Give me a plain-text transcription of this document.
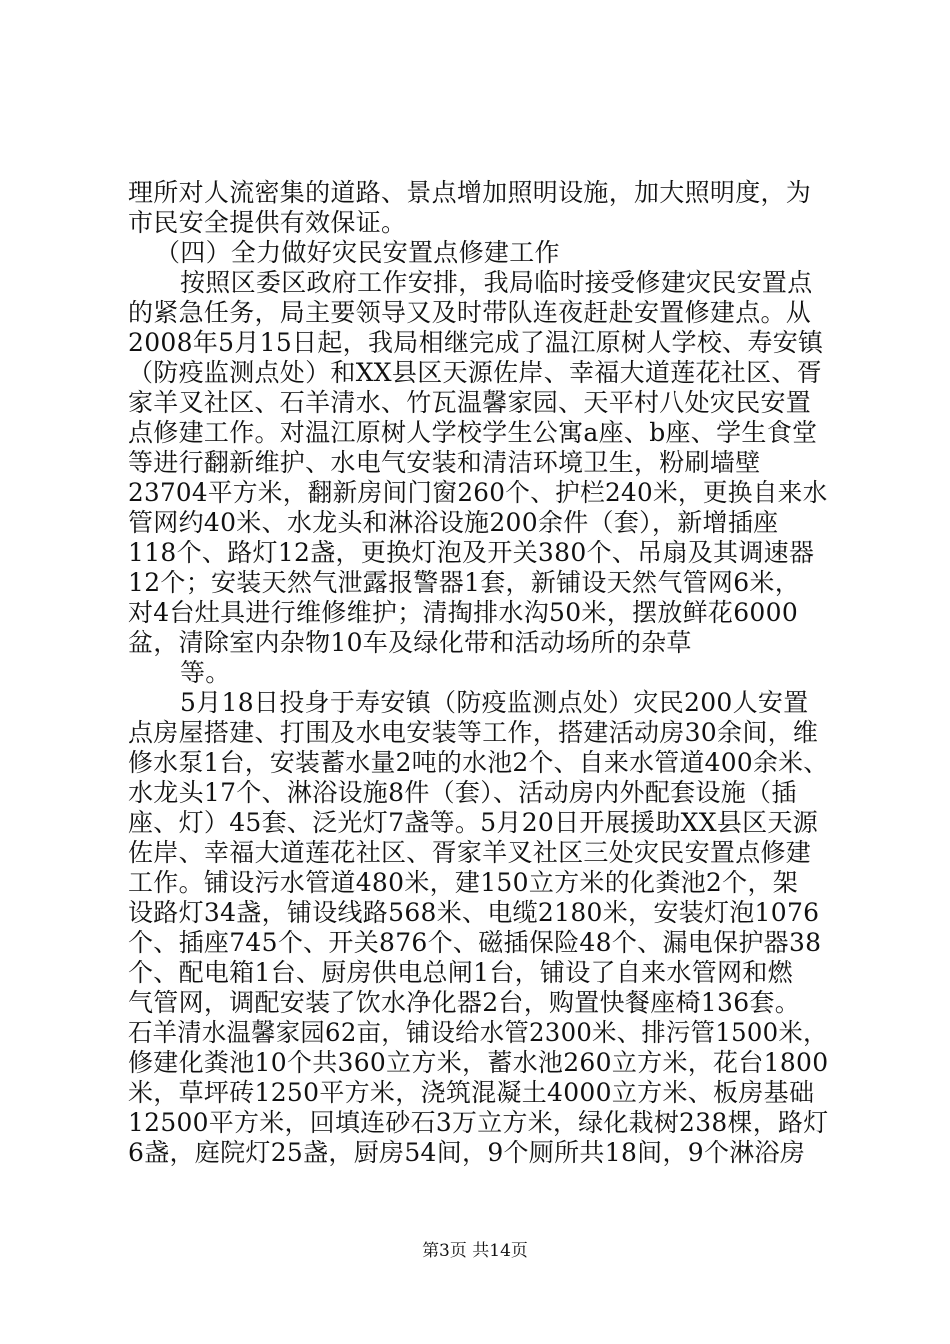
理所对人流密集的道路、景点增加照明设施，加大照明度，为
市民安全提供有效保证。
（四）全力做好灾民安置点修建工作
按照区委区政府工作安排，我局临时接受修建灾民安置点
的紧急任务，局主要领导又及时带队连夜赶赴安置修建点。从
2008年5月15日起，我局相继完成了温江原树人学校、寿安镇
（防疫监测点处）和XX县区天源佐岸、幸福大道莲花社区、胥
家羊叉社区、石羊清水、竹瓦温馨家园、天平村八处灾民安置
点修建工作。对温江原树人学校学生公寓a座、b座、学生食堂
等进行翻新维护、水电气安装和清洁环境卫生，粉刷墙壁
23704平方米，翻新房间门窗260个、护栏240米，更换自来水
管网约40米、水龙头和淋浴设施200余件（套），新增插座
118个、路灯12盏，更换灯泡及开关380个、吊扇及其调速器
12个；安装天然气泄露报警器1套，新铺设天然气管网6米，
对4台灶具进行维修维护；清掏排水沟50米，摆放鲜花6000
盆，清除室内杂物10车及绿化带和活动场所的杂草
等。
5月18日投身于寿安镇（防疫监测点处）灾民200人安置
点房屋搭建、打围及水电安装等工作，搭建活动房30余间，维
修水泵1台，安装蓄水量2吨的水池2个、自来水管道400余米、
水龙头17个、淋浴设施8件（套）、活动房内外配套设施（插
座、灯）45套、泛光灯7盏等。5月20日开展援助XX县区天源
佐岸、幸福大道莲花社区、胥家羊叉社区三处灾民安置点修建
工作。铺设污水管道480米，建150立方米的化粪池2个，架
设路灯34盏，铺设线路568米、电缆2180米，安装灯泡1076
个、插座745个、开关876个、磁插保险48个、漏电保护器38
个、配电箱1台、厨房供电总闸1台，铺设了自来水管网和燃
气管网，调配安装了饮水净化器2台，购置快餐座椅136套。
石羊清水温馨家园62亩，铺设给水管2300米、排污管1500米，
修建化粪池10个共360立方米，蓄水池260立方米，花台1800
米，草坪砖1250平方米，浇筑混凝土4000立方米、板房基础
12500平方米，回填连砂石3万立方米，绿化栽树238棵，路灯
6盏，庭院灯25盏，厨房54间，9个厕所共18间，9个淋浴房
第3页 共14页
